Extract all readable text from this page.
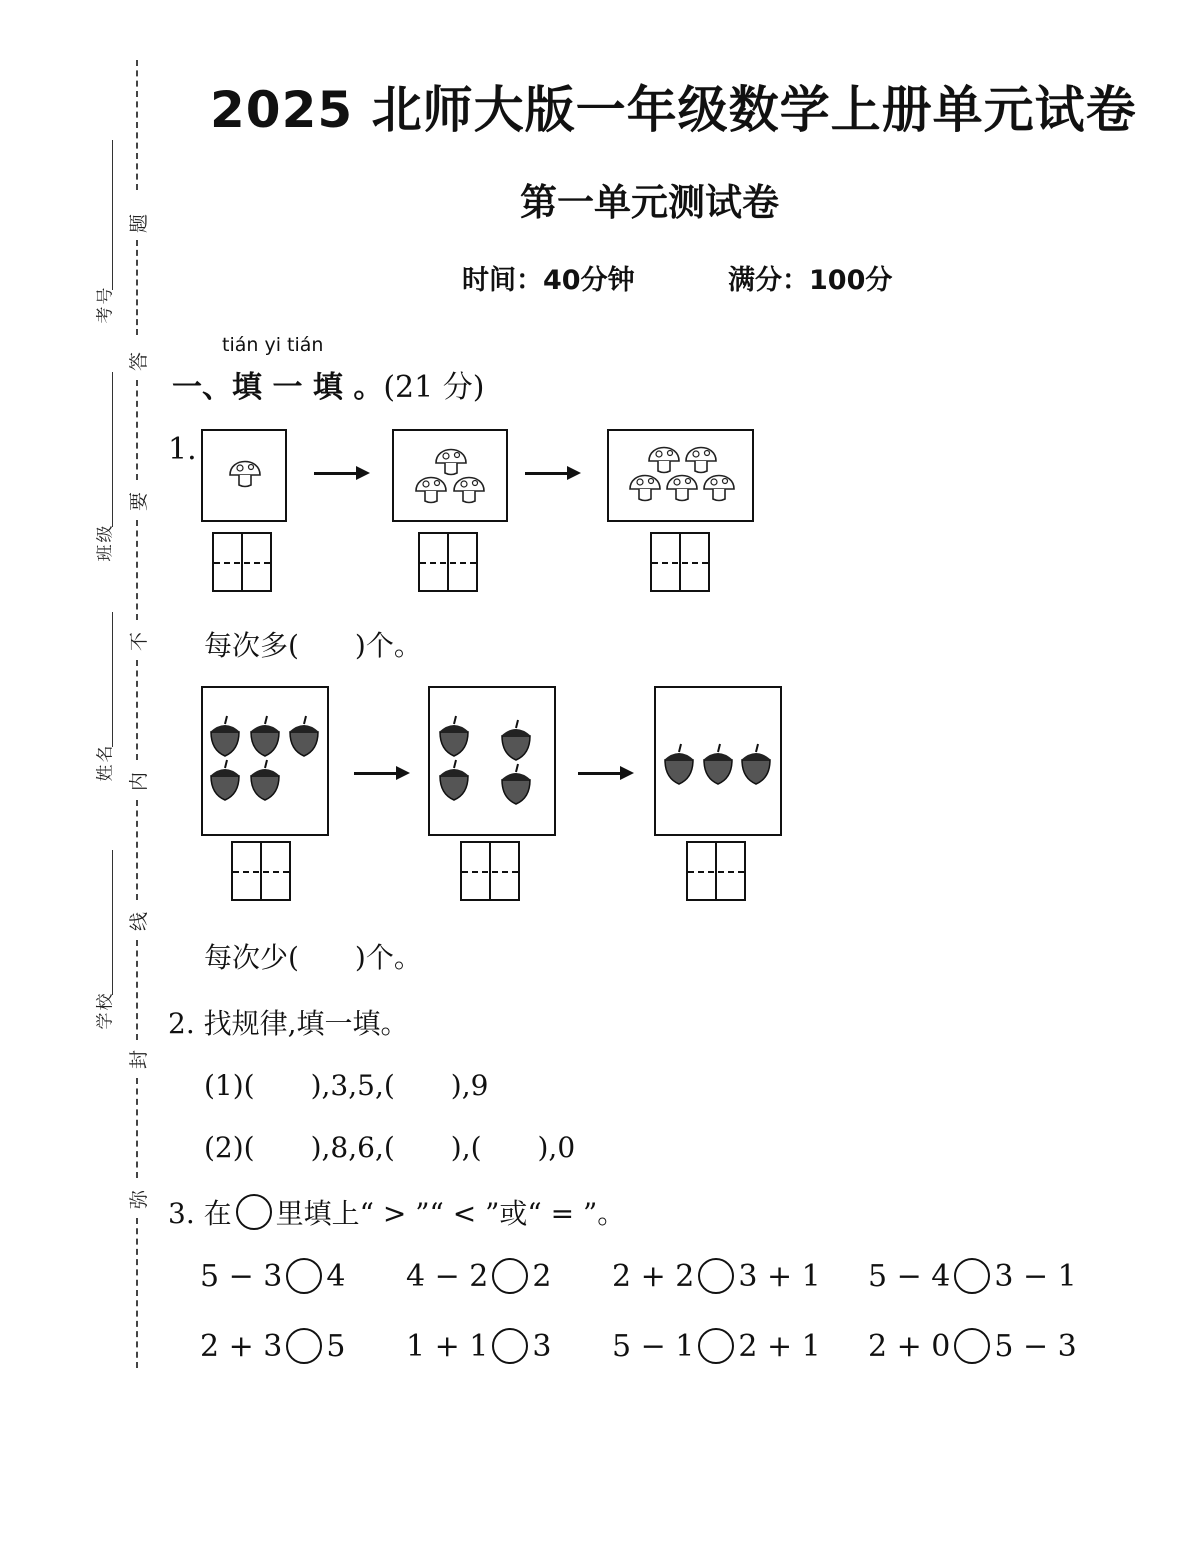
题
答
要
不
内
线
封
弥
考号
班级
姓名
学校
2025 北师大版一年级数学上册单元试卷
第一单元测试卷
时间：40分钟	满分：100分
tián yi tián
一、填 一 填 。(21 分)
1.
每次多(　　)个。
每次少(　　)个。
2. 找规律,填一填。
(1)(　　),3,5,(　　),9
(2)(　　),8,6,(　　),(　　),0
3. 在 里填上“ > ”“ < ”或“ = ”。
5 − 3 4 4 − 2 2 2 + 2 3 + 1 5 − 4 3 − 1
2 + 3 5 1 + 1 3 5 − 1 2 + 1 2 + 0 5 − 3
